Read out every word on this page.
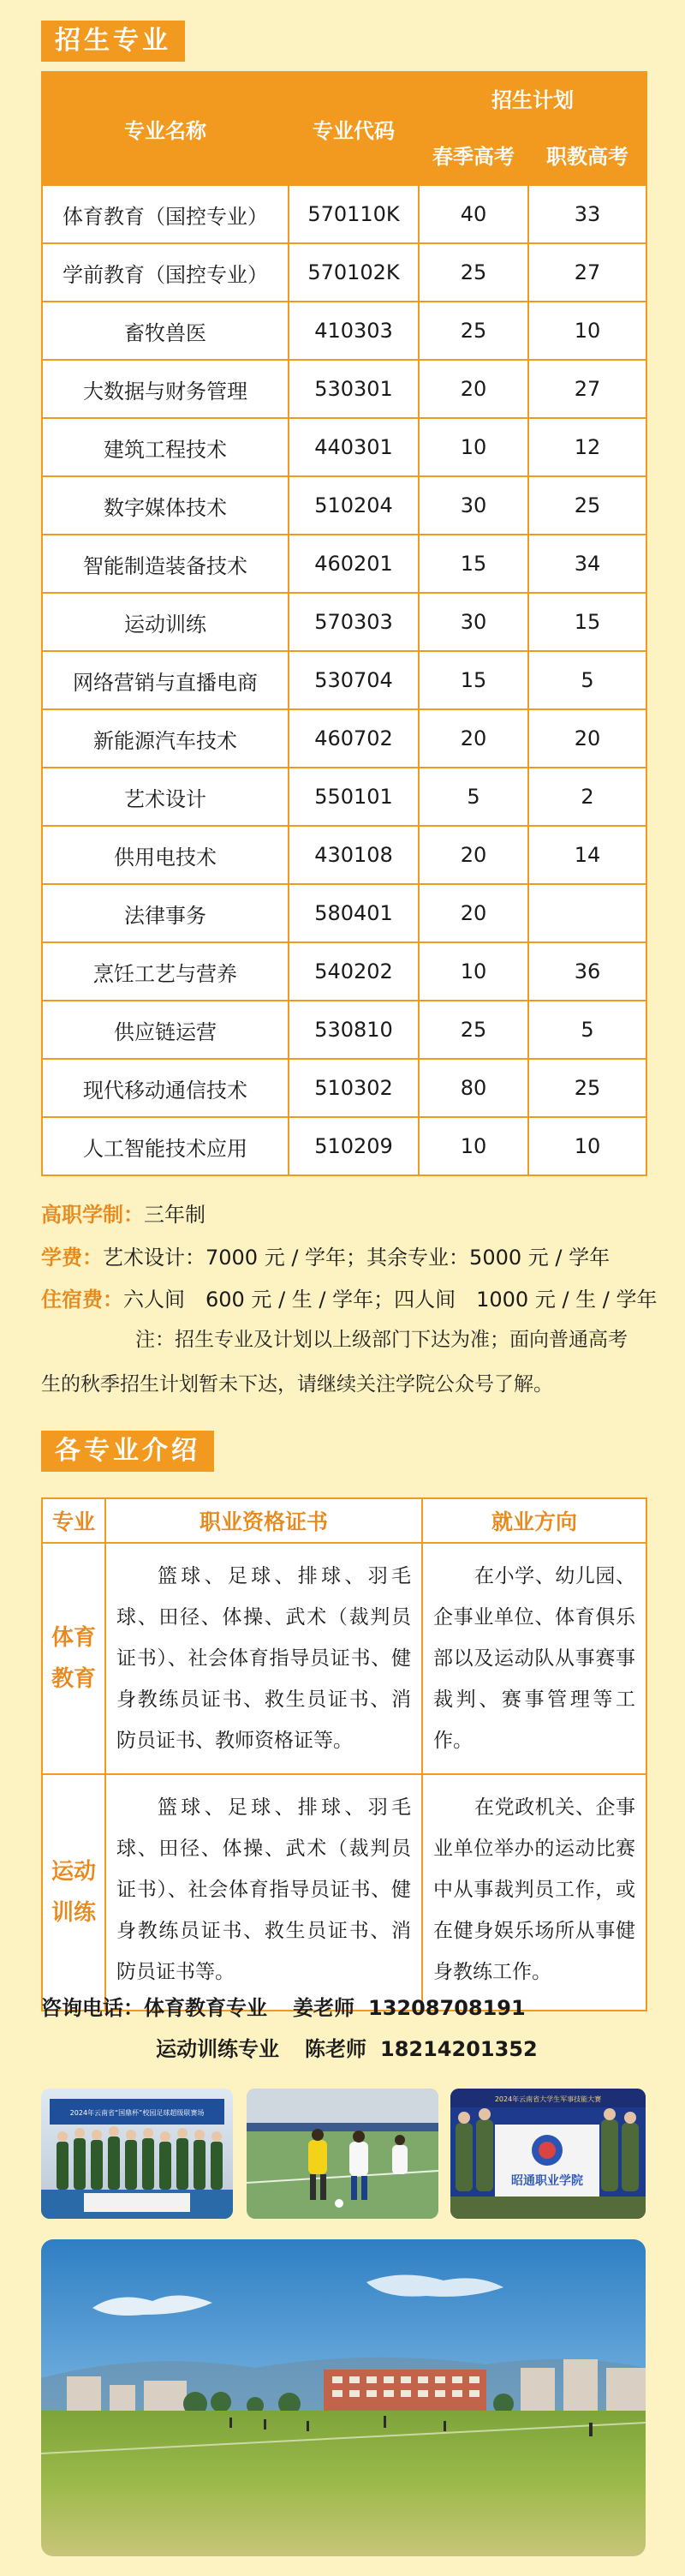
招生专业
专业名称	专业代码	招生计划	
		春季高考	职教高考
体育教育（国控专业）	570110K	40	33
学前教育（国控专业）	570102K	25	27
畜牧兽医	410303	25	10
大数据与财务管理	530301	20	27
建筑工程技术	440301	10	12
数字媒体技术	510204	30	25
智能制造装备技术	460201	15	34
运动训练	570303	30	15
网络营销与直播电商	530704	15	5
新能源汽车技术	460702	20	20
艺术设计	550101	5	2
供用电技术	430108	20	14
法律事务	580401	20	
烹饪工艺与营养	540202	10	36
供应链运营	530810	25	5
现代移动通信技术	510302	80	25
人工智能技术应用	510209	10	10
高职学制：三年制
学费：艺术设计：7000 元 / 学年；其余专业：5000 元 / 学年
住宿费：六人间　600 元 / 生 / 学年；四人间　1000 元 / 生 / 学年
注：招生专业及计划以上级部门下达为准；面向普通高考生的秋季招生计划暂未下达，请继续关注学院公众号了解。
各专业介绍
专业	职业资格证书	就业方向
体育教育	篮球、足球、排球、羽毛球、田径、体操、武术（裁判员证书）、社会体育指导员证书、健身教练员证书、救生员证书、消防员证书、教师资格证等。	在小学、幼儿园、企事业单位、体育俱乐部以及运动队从事赛事裁判、赛事管理等工作。
运动训练	篮球、足球、排球、羽毛球、田径、体操、武术（裁判员证书）、社会体育指导员证书、健身教练员证书、救生员证书、消防员证书等。	在党政机关、企事业单位举办的运动比赛中从事裁判员工作，或在健身娱乐场所从事健身教练工作。
咨询电话：体育教育专业 姜老师 13208708191
运动训练专业 陈老师 18214201352
2024年云南省“国鼎杯”校园足球超级联赛场
2024年云南省大学生军事技能大赛
昭通职业学院
